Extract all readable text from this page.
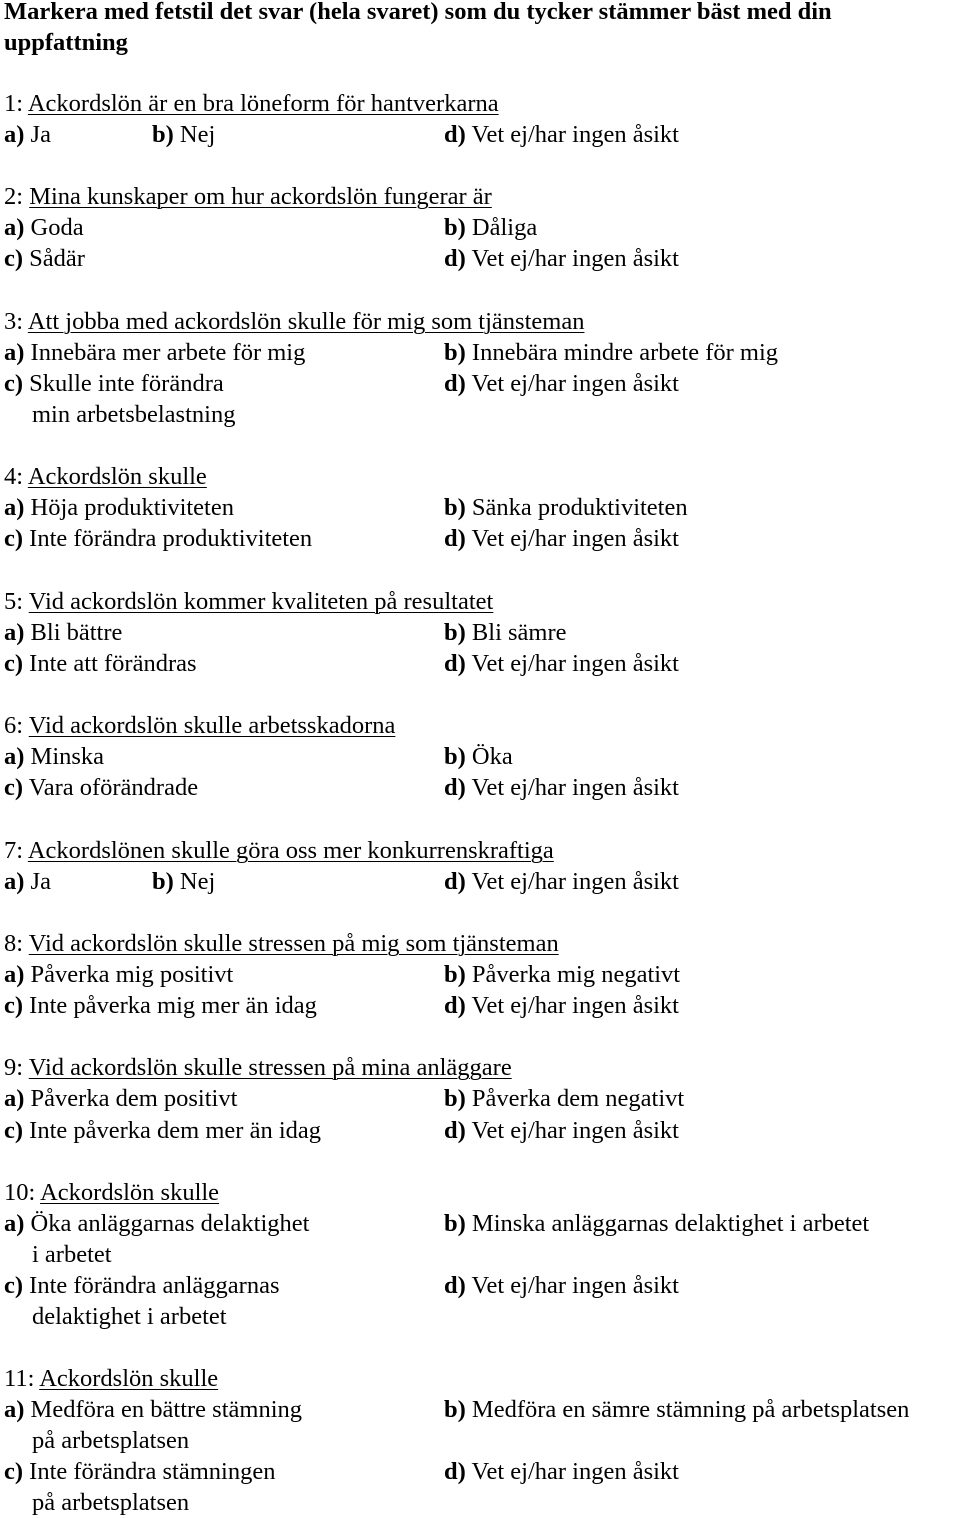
Markera med fetstil det svar (hela svaret) som du tycker stämmer bäst med din
uppfattning
1: Ackordslön är en bra löneform för hantverkarna
a) Ja	b) Nej	d) Vet ej/har ingen åsikt
2: Mina kunskaper om hur ackordslön fungerar är
a) Goda	b) Dåliga
c) Sådär	d) Vet ej/har ingen åsikt
3: Att jobba med ackordslön skulle för mig som tjänsteman
a) Innebära mer arbete för mig	b) Innebära mindre arbete för mig
c) Skulle inte förändra	d) Vet ej/har ingen åsikt
min arbetsbelastning
4: Ackordslön skulle
a) Höja produktiviteten	b) Sänka produktiviteten
c) Inte förändra produktiviteten	d) Vet ej/har ingen åsikt
5: Vid ackordslön kommer kvaliteten på resultatet
a) Bli bättre	b) Bli sämre
c) Inte att förändras	d) Vet ej/har ingen åsikt
6: Vid ackordslön skulle arbetsskadorna
a) Minska	b) Öka
c) Vara oförändrade	d) Vet ej/har ingen åsikt
7: Ackordslönen skulle göra oss mer konkurrenskraftiga
a) Ja	b) Nej	d) Vet ej/har ingen åsikt
8: Vid ackordslön skulle stressen på mig som tjänsteman
a) Påverka mig positivt	b) Påverka mig negativt
c) Inte påverka mig mer än idag	d) Vet ej/har ingen åsikt
9: Vid ackordslön skulle stressen på mina anläggare
a) Påverka dem positivt	b) Påverka dem negativt
c) Inte påverka dem mer än idag	d) Vet ej/har ingen åsikt
10: Ackordslön skulle
a) Öka anläggarnas delaktighet	b) Minska anläggarnas delaktighet i arbetet
i arbetet
c) Inte förändra anläggarnas	d) Vet ej/har ingen åsikt
delaktighet i arbetet
11: Ackordslön skulle
a) Medföra en bättre stämning	b) Medföra en sämre stämning på arbetsplatsen
på arbetsplatsen
c) Inte förändra stämningen	d) Vet ej/har ingen åsikt
på arbetsplatsen
